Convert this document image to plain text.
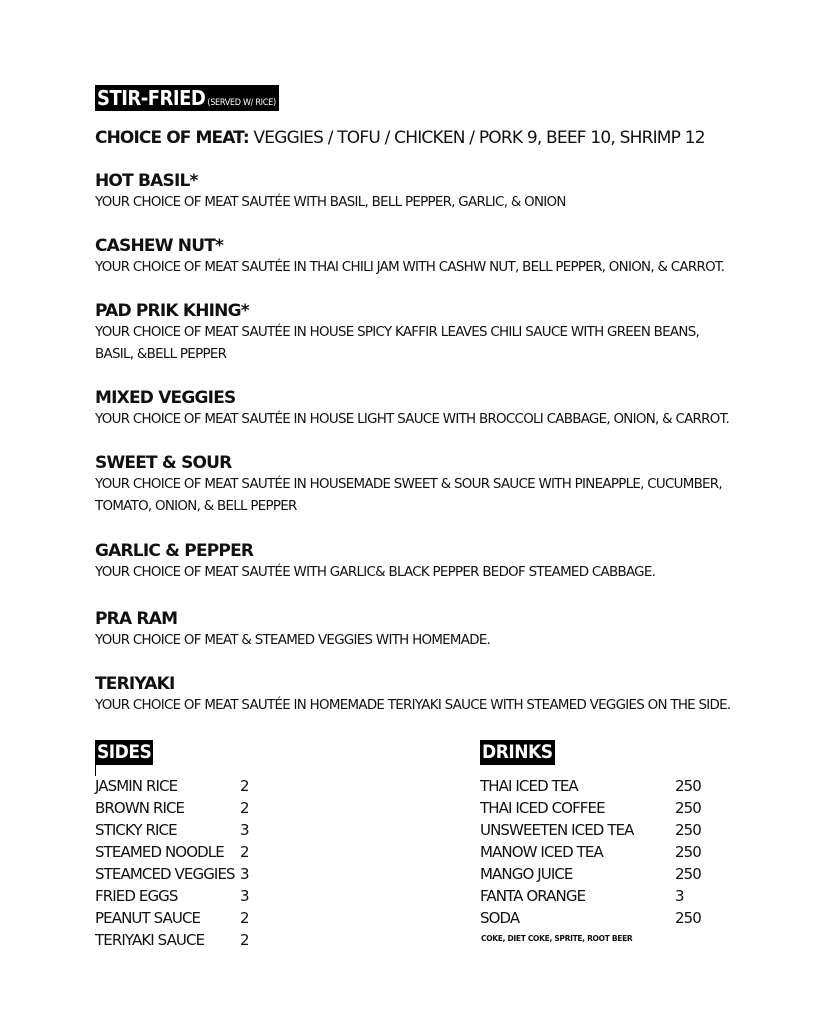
STIR-FRIED (SERVED W/ RICE)
CHOICE OF MEAT: VEGGIES / TOFU / CHICKEN / PORK 9, BEEF 10, SHRIMP 12
HOT BASIL*
YOUR CHOICE OF MEAT SAUTÉE WITH BASIL, BELL PEPPER, GARLIC, & ONION
CASHEW NUT*
YOUR CHOICE OF MEAT SAUTÉE IN THAI CHILI JAM WITH CASHW NUT, BELL PEPPER, ONION, & CARROT.
PAD PRIK KHING*
YOUR CHOICE OF MEAT SAUTÉE IN HOUSE SPICY KAFFIR LEAVES CHILI SAUCE WITH GREEN BEANS, BASIL, &BELL PEPPER
MIXED VEGGIES
YOUR CHOICE OF MEAT SAUTÉE IN HOUSE LIGHT SAUCE WITH BROCCOLI CABBAGE, ONION, & CARROT.
SWEET & SOUR
YOUR CHOICE OF MEAT SAUTÉE IN HOUSEMADE SWEET & SOUR SAUCE WITH PINEAPPLE, CUCUMBER, TOMATO, ONION, & BELL PEPPER
GARLIC & PEPPER
YOUR CHOICE OF MEAT SAUTÉE WITH GARLIC& BLACK PEPPER BEDOF STEAMED CABBAGE.
PRA RAM
YOUR CHOICE OF MEAT & STEAMED VEGGIES WITH HOMEMADE.
TERIYAKI
YOUR CHOICE OF MEAT SAUTÉE IN HOMEMADE TERIYAKI SAUCE WITH STEAMED VEGGIES ON THE SIDE.
SIDES
JASMIN RICE	2
BROWN RICE	2
STICKY RICE	3
STEAMED NOODLE	2
STEAMCED VEGGIES 3
FRIED EGGS	3
PEANUT SAUCE	2
TERIYAKI SAUCE	2
DRINKS
THAI ICED TEA	250
THAI ICED COFFEE	250
UNSWEETEN ICED TEA	250
MANOW ICED TEA	250
MANGO JUICE	250
FANTA ORANGE	3
SODA	250
COKE, DIET COKE, SPRITE, ROOT BEER
